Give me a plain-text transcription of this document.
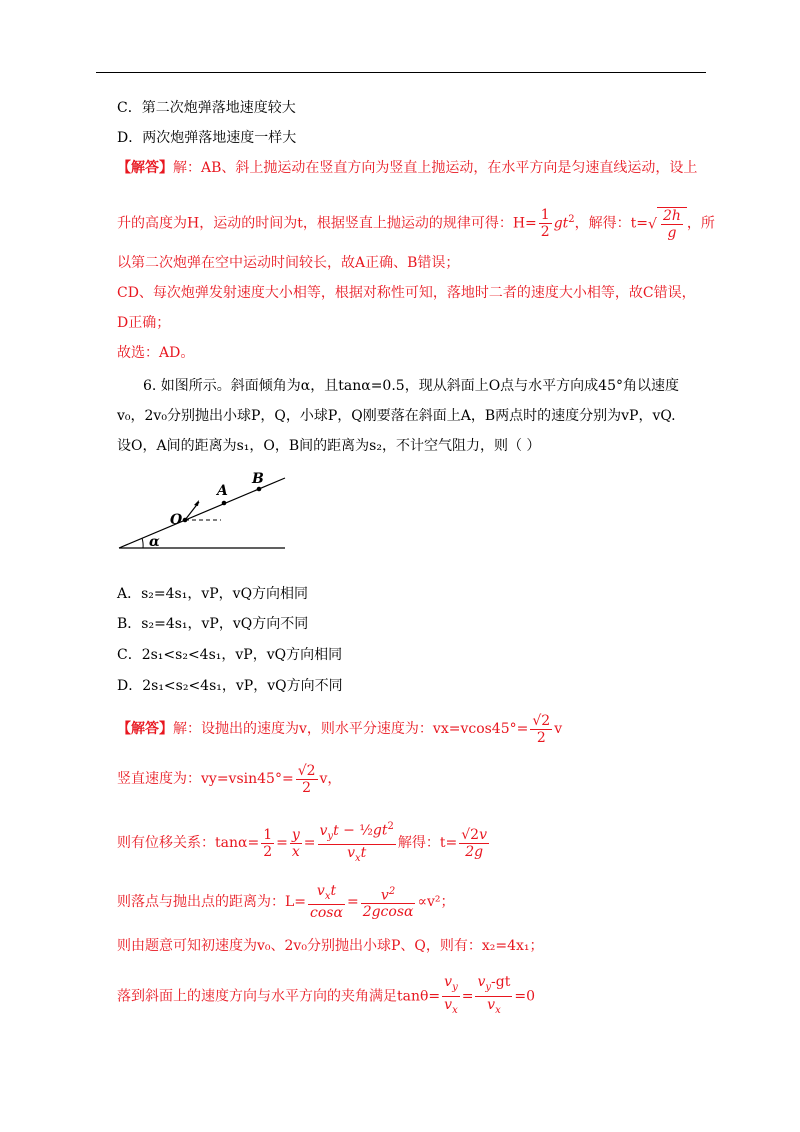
C．第二次炮弹落地速度较大
D．两次炮弹落地速度一样大
【解答】解：AB、斜上抛运动在竖直方向为竖直上抛运动，在水平方向是匀速直线运动，设上
升的高度为H，运动的时间为t，根据竖直上抛运动的规律可得：$H= \frac{1}{2} gt^2$，解得：$t=√ \frac{2h}{g}$ ，所
以第二次炮弹在空中运动时间较长，故A正确、B错误；
CD、每次炮弹发射速度大小相等，根据对称性可知，落地时二者的速度大小相等，故C错误，
D正确；
故选：AD。
6. 如图所示。斜面倾角为α，且tanα=0.5，现从斜面上O点与水平方向成45°角以速度
v₀，2v₀分别抛出小球P，Q，小球P，Q刚要落在斜面上A，B两点时的速度分别为vP，vQ.
设O，A间的距离为s₁，O，B间的距离为s₂，不计空气阻力，则（ ）
O
A
B
α
A．s₂=4s₁，vP，vQ方向相同
B．s₂=4s₁，vP，vQ方向不同
C．2s₁<s₂<4s₁，vP，vQ方向相同
D．2s₁<s₂<4s₁，vP，vQ方向不同
【解答】解：设抛出的速度为v，则水平分速度为：$vx=vcos45^\circ= \frac{√2}{2}$ v
竖直速度为：$vy=vsin45^\circ= \frac{√2}{2}$ v，
则有位移关系：$\tan\alpha= \frac{1}{2} = \frac{y}{x} = \frac{v_yt - \frac{1}{2}gt^2}{v_xt}$ 解得：$t= \frac{√2v}{2g}$
则落点与抛出点的距离为：$L= \frac{v_xt}{\cos\alpha} = \frac{v^2}{2gcos\alpha} \propto v^2$；
则由题意可知初速度为v₀、2v₀分别抛出小球P、Q，则有：x₂=4x₁；
落到斜面上的速度方向与水平方向的夹角满足$\tan\theta= \frac{v_y}{v_x} = \frac{v_y-gt}{v_x} =0$
